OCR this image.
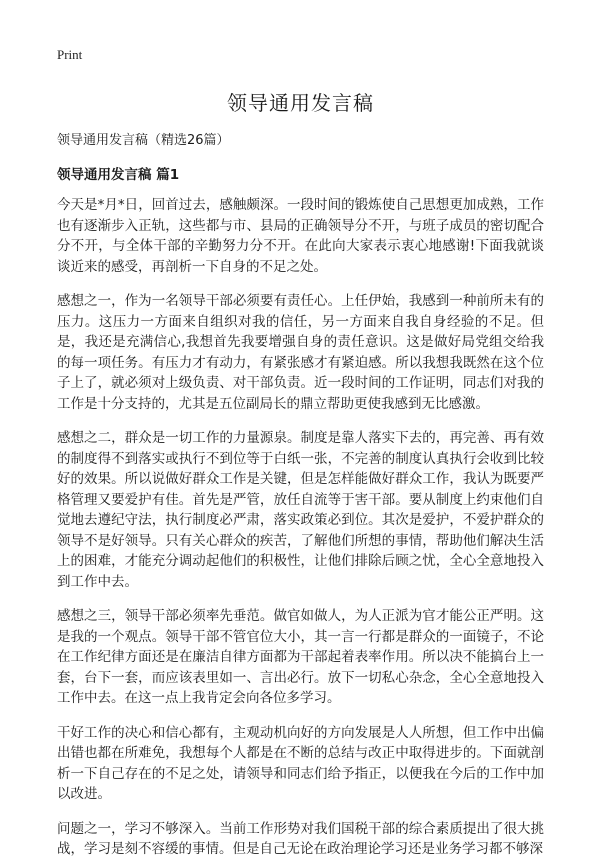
Print
领导通用发言稿

领导通用发言稿（精选26篇）

领导通用发言稿 篇1

今天是*月*日，回首过去，感触颇深。一段时间的锻炼使自己思想更加成熟，工作也有逐渐步入正轨，这些都与市、县局的正确领导分不开，与班子成员的密切配合分不开，与全体干部的辛勤努力分不开。在此向大家表示衷心地感谢!下面我就谈谈近来的感受，再剖析一下自身的不足之处。

感想之一，作为一名领导干部必须要有责任心。上任伊始，我感到一种前所未有的压力。这压力一方面来自组织对我的信任，另一方面来自我自身经验的不足。但是，我还是充满信心,我想首先我要增强自身的责任意识。这是做好局党组交给我的每一项任务。有压力才有动力，有紧张感才有紧迫感。所以我想我既然在这个位子上了，就必须对上级负责、对干部负责。近一段时间的工作证明，同志们对我的工作是十分支持的，尤其是五位副局长的鼎立帮助更使我感到无比感激。

感想之二，群众是一切工作的力量源泉。制度是靠人落实下去的，再完善、再有效的制度得不到落实或执行不到位等于白纸一张，不完善的制度认真执行会收到比较好的效果。所以说做好群众工作是关键，但是怎样能做好群众工作，我认为既要严格管理又要爱护有佳。首先是严管，放任自流等于害干部。要从制度上约束他们自觉地去遵纪守法，执行制度必严肃，落实政策必到位。其次是爱护，不爱护群众的领导不是好领导。只有关心群众的疾苦，了解他们所想的事情，帮助他们解决生活上的困难，才能充分调动起他们的积极性，让他们排除后顾之忧，全心全意地投入到工作中去。

感想之三，领导干部必须率先垂范。做官如做人，为人正派为官才能公正严明。这是我的一个观点。领导干部不管官位大小，其一言一行都是群众的一面镜子，不论在工作纪律方面还是在廉洁自律方面都为干部起着表率作用。所以决不能搞台上一套，台下一套，而应该表里如一、言出必行。放下一切私心杂念，全心全意地投入工作中去。在这一点上我肯定会向各位多学习。

干好工作的决心和信心都有，主观动机向好的方向发展是人人所想，但工作中出偏出错也都在所难免，我想每个人都是在不断的总结与改正中取得进步的。下面就剖析一下自己存在的不足之处，请领导和同志们给予指正，以便我在今后的工作中加以改进。

问题之一，学习不够深入。当前工作形势对我们国税干部的综合素质提出了很大挑战，学习是刻不容缓的事情。但是自己无论在政治理论学习还是业务学习都不够深
